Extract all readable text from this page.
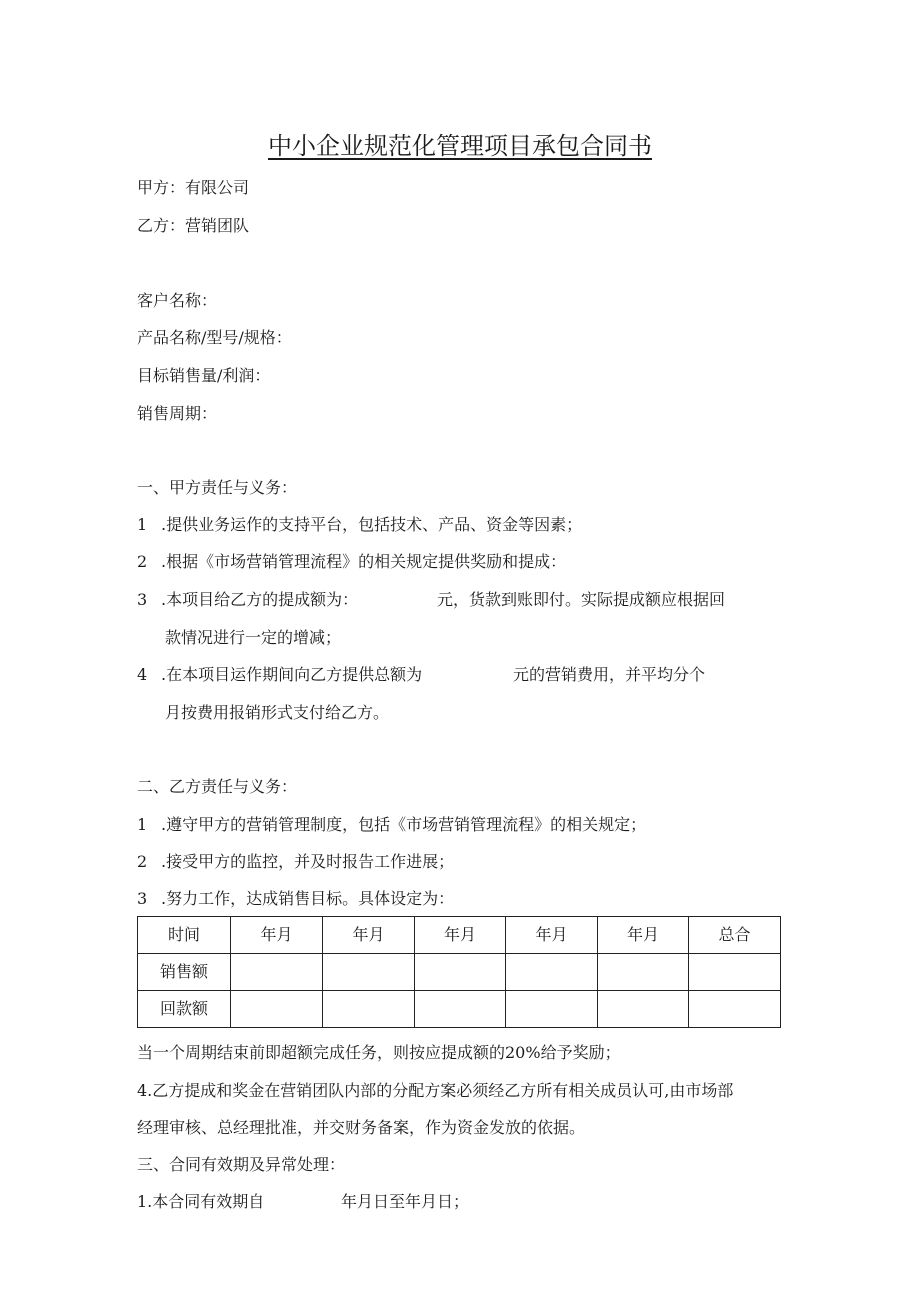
中小企业规范化管理项目承包合同书
甲方：有限公司
乙方：营销团队
客户名称：
产品名称/型号/规格：
目标销售量/利润：
销售周期：
一、甲方责任与义务：
1 .提供业务运作的支持平台，包括技术、产品、资金等因素；
2 .根据《市场营销管理流程》的相关规定提供奖励和提成：
3 .本项目给乙方的提成额为：	元，货款到账即付。实际提成额应根据回
款情况进行一定的增减；
4 .在本项目运作期间向乙方提供总额为	元的营销费用，并平均分个
月按费用报销形式支付给乙方。
二、乙方责任与义务：
1 .遵守甲方的营销管理制度，包括《市场营销管理流程》的相关规定；
2 .接受甲方的监控，并及时报告工作进展；
3 .努力工作，达成销售目标。具体设定为：
时间	年月	年月	年月	年月	年月	总合
销售额						
回款额						
当一个周期结束前即超额完成任务，则按应提成额的20%给予奖励；
4.乙方提成和奖金在营销团队内部的分配方案必须经乙方所有相关成员认可,由市场部
经理审核、总经理批准，并交财务备案，作为资金发放的依据。
三、合同有效期及异常处理：
1.本合同有效期自	年月日至年月日；
